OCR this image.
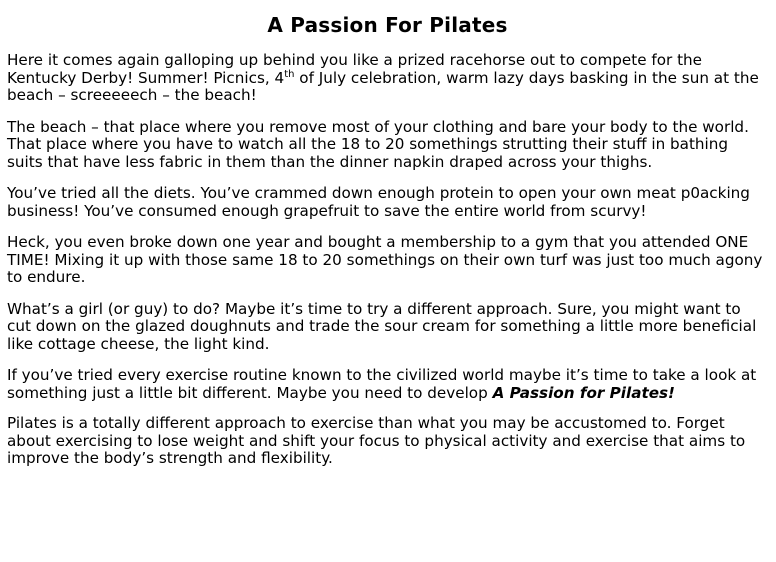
A Passion For Pilates

Here it comes again galloping up behind you like a prized racehorse out to compete for the Kentucky Derby! Summer! Picnics, 4th of July celebration, warm lazy days basking in the sun at the beach – screeeeech – the beach!

The beach – that place where you remove most of your clothing and bare your body to the world. That place where you have to watch all the 18 to 20 somethings strutting their stuff in bathing suits that have less fabric in them than the dinner napkin draped across your thighs.

You’ve tried all the diets. You’ve crammed down enough protein to open your own meat p0acking business! You’ve consumed enough grapefruit to save the entire world from scurvy!

Heck, you even broke down one year and bought a membership to a gym that you attended ONE TIME! Mixing it up with those same 18 to 20 somethings on their own turf was just too much agony to endure.

What’s a girl (or guy) to do? Maybe it’s time to try a different approach. Sure, you might want to cut down on the glazed doughnuts and trade the sour cream for something a little more beneficial like cottage cheese, the light kind.

If you’ve tried every exercise routine known to the civilized world maybe it’s time to take a look at something just a little bit different. Maybe you need to develop A Passion for Pilates!

Pilates is a totally different approach to exercise than what you may be accustomed to. Forget about exercising to lose weight and shift your focus to physical activity and exercise that aims to improve the body’s strength and flexibility.
